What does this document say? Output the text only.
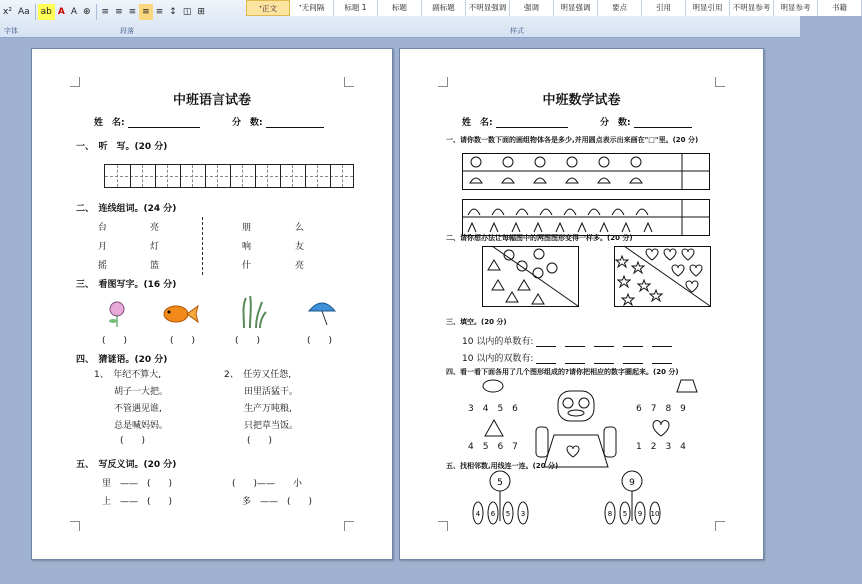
x² Aa	ab A A ⊕	≡ ≡ ≡ ≡ ≡ ↕ ◫ ⊞	ᐩ正文	ᐩ无间隔	标题 1	标题	副标题	不明显强调	强调	明显强调	要点	引用	明显引用	不明显参考	明显参考	书籍
字体	段落	样式
中班语言试卷
姓　名:	分　数:
一、　听　写。(20 分)
二、　连线组词。(24 分)
台	亮
月	灯
摇	篮
朋	么
响	友
什	亮
三、　看图写字。(16 分)
(　　)	(　　)	(　　)	(　　)
四、　猜谜语。(20 分)
1、　年纪不算大,
胡子一大把。
不管遇见谁,
总是喊妈妈。
2、　任劳又任怨,
田里活猛干。
生产万吨粮,
只把草当饭。
(　　)	(　　)
五、　写反义词。(20 分)
里　——　(　　)
上　——　(　　)
(　　)——　　小
多　——　(　　)
中班数学试卷
姓　名:	分　数:
一、请你数一数下面的画组物体各是多少,并用圆点表示出来画在"□"里。(20 分)
二、请你想办法让每幅图中的两图图形变得一样多。(20 分)
三、填空。(20 分)
10 以内的单数有: 　　　　
10 以内的双数有: 　　　　
四、看一看下面各用了几个图形组成的?请你把相应的数字圈起来。(20 分)
3　4　5　6
4　5　6　7
6　7　8　9
1　2　3　4
五、找相邻数,用线连一连。(20 分)
5
4 6 5 3
9
8 5 9 10
